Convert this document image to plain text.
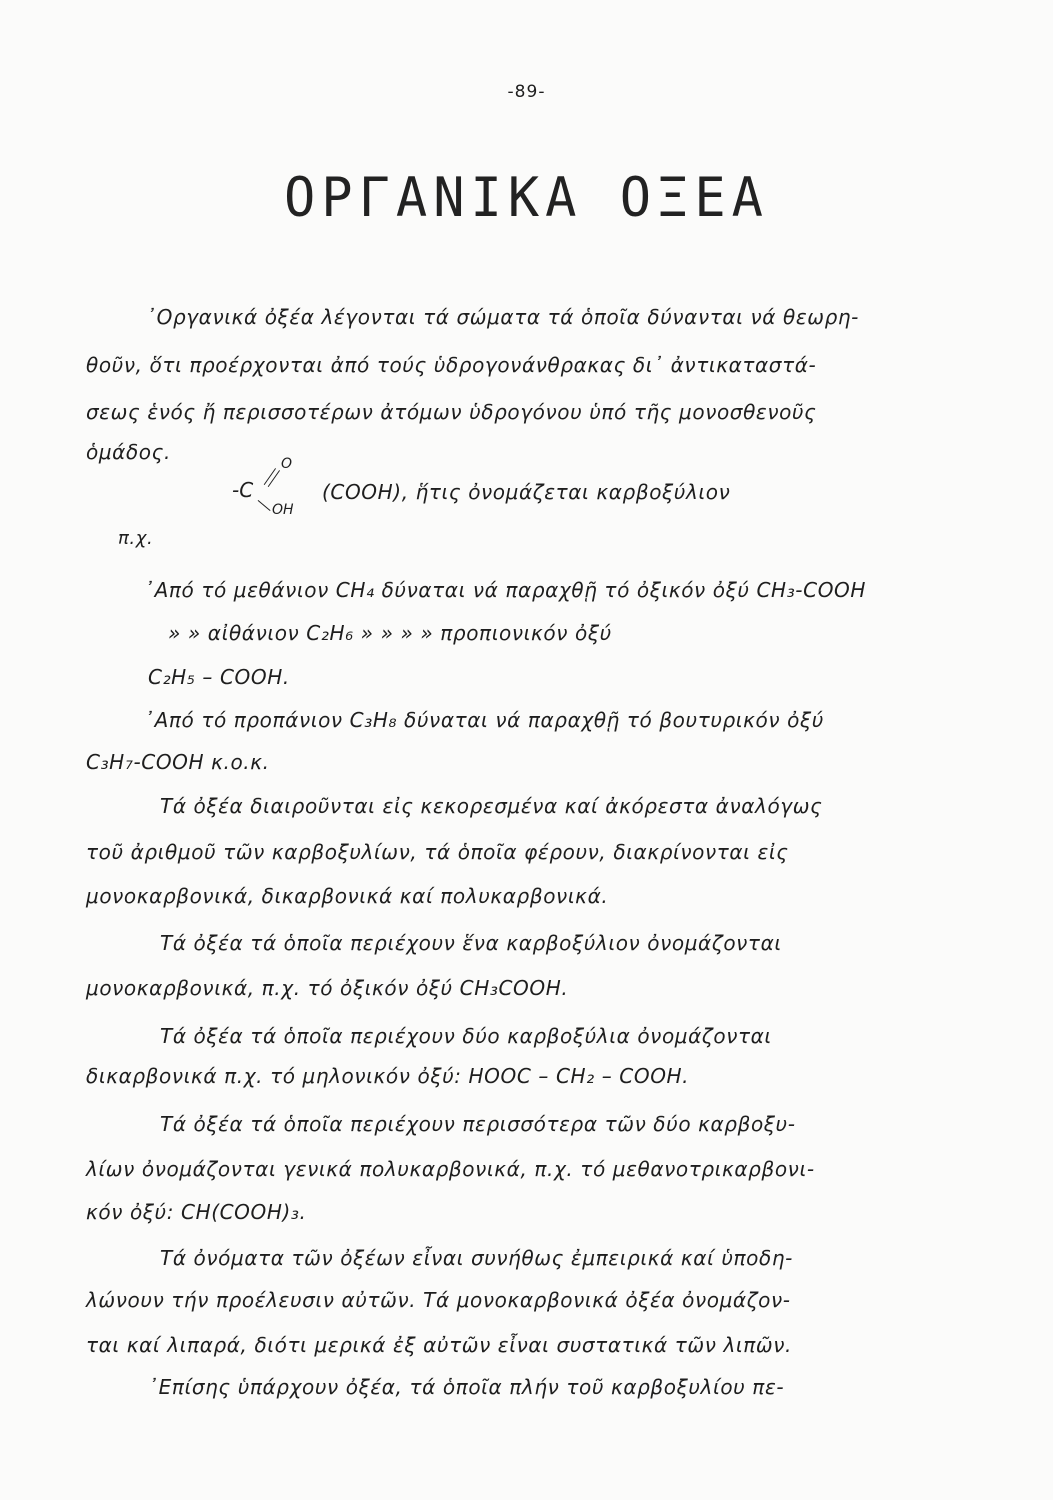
-89-
ΟΡΓΑΝΙΚΑ ΟΞΕΑ
᾿Οργανικά ὀξέα λέγονται τά σώματα τά ὁποῖα δύνανται νά θεωρη-
θοῦν, ὅτι προέρχονται ἀπό τούς ὑδρογονάνθρακας δι᾿ ἀντικαταστά-
σεως ἑνός ἤ περισσοτέρων ἀτόμων ὑδρογόνου ὑπό τῆς μονοσθενοῦς
ὁμάδος.
-C
O
OH
(COOH), ἥτις ὀνομάζεται καρβοξύλιον
π.χ.
᾿Από τό μεθάνιον CH₄ δύναται νά παραχθῇ τό ὀξικόν ὀξύ CH₃-COOH
» » αἰθάνιον C₂H₆ » » » » προπιονικόν ὀξύ
C₂H₅ – COOH.
᾿Από τό προπάνιον C₃H₈ δύναται νά παραχθῇ τό βουτυρικόν ὀξύ
C₃H₇-COOH κ.ο.κ.
Τά ὀξέα διαιροῦνται εἰς κεκορεσμένα καί ἀκόρεστα ἀναλόγως
τοῦ ἀριθμοῦ τῶν καρβοξυλίων, τά ὁποῖα φέρουν, διακρίνονται εἰς
μονοκαρβονικά, δικαρβονικά καί πολυκαρβονικά.
Τά ὀξέα τά ὁποῖα περιέχουν ἕνα καρβοξύλιον ὀνομάζονται
μονοκαρβονικά, π.χ. τό ὀξικόν ὀξύ CH₃COOH.
Τά ὀξέα τά ὁποῖα περιέχουν δύο καρβοξύλια ὀνομάζονται
δικαρβονικά π.χ. τό μηλονικόν ὀξύ: HOOC – CH₂ – COOH.
Τά ὀξέα τά ὁποῖα περιέχουν περισσότερα τῶν δύο καρβοξυ-
λίων ὀνομάζονται γενικά πολυκαρβονικά, π.χ. τό μεθανοτρικαρβονι-
κόν ὀξύ: CH(COOH)₃.
Τά ὀνόματα τῶν ὀξέων εἶναι συνήθως ἐμπειρικά καί ὑποδη-
λώνουν τήν προέλευσιν αὐτῶν. Τά μονοκαρβονικά ὀξέα ὀνομάζον-
ται καί λιπαρά, διότι μερικά ἐξ αὐτῶν εἶναι συστατικά τῶν λιπῶν.
᾿Επίσης ὑπάρχουν ὀξέα, τά ὁποῖα πλήν τοῦ καρβοξυλίου πε-
